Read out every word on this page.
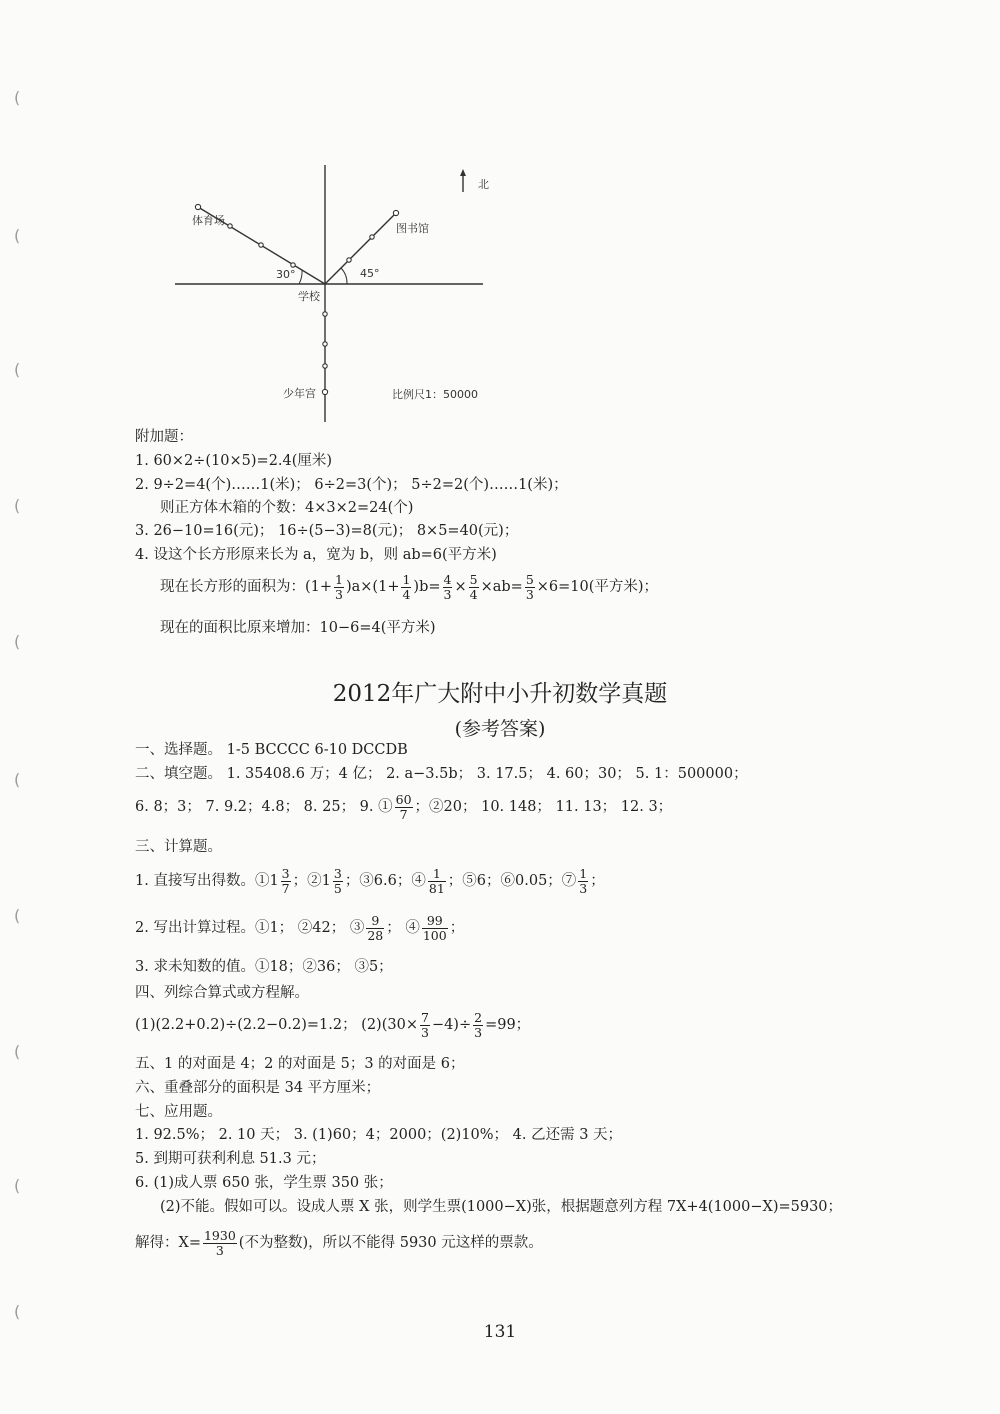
(
(
(
(
(
(
(
(
(
(
北
体育场
图书馆
学校
30°	45°
少年宫	比例尺1：50000
附加题：
1. 60×2÷(10×5)=2.4(厘米)
2. 9÷2=4(个)……1(米)； 6÷2=3(个)； 5÷2=2(个)……1(米)；
则正方体木箱的个数：4×3×2=24(个)
3. 26−10=16(元)； 16÷(5−3)=8(元)； 8×5=40(元)；
4. 设这个长方形原来长为 a，宽为 b，则 ab=6(平方米)
现在长方形的面积为：$(1+ \frac{1}{3} )a\times(1+ \frac{1}{4} )b= \frac{4}{3} \times \frac{5}{4} \times ab= \frac{5}{3} \times 6=10$(平方米)；
现在的面积比原来增加：10−6=4(平方米)
2012年广大附中小升初数学真题
(参考答案)
一、选择题。 1-5 BCCCC 6-10 DCCDB
二、填空题。 1. 35408.6 万；4 亿； 2. a−3.5b； 3. 17.5； 4. 60；30； 5. 1：500000；
6. 8；3； 7. 9.2；4.8； 8. 25； 9. ① $\frac{60}{7}$ ；②20； 10. 148； 11. 13； 12. 3；
三、计算题。
1. 直接写出得数。①1 $\frac{3}{7}$ ；②1 $\frac{3}{5}$ ；③6.6；④ $\frac{1}{81}$ ；⑤6；⑥0.05；⑦ $\frac{1}{3}$ ；
2. 写出计算过程。①1； ②42； ③ $\frac{9}{28}$ ； ④ $\frac{99}{100}$ ；
3. 求未知数的值。①18；②36； ③5；
四、列综合算式或方程解。
(1)(2.2+0.2)÷(2.2−0.2)=1.2； $(2)(30\times \frac{7}{3} -4)\div \frac{2}{3} =99$；
五、1 的对面是 4；2 的对面是 5；3 的对面是 6；
六、重叠部分的面积是 34 平方厘米；
七、应用题。
1. 92.5%； 2. 10 天； 3. (1)60；4；2000；(2)10%； 4. 乙还需 3 天；
5. 到期可获利利息 51.3 元；
6. (1)成人票 650 张，学生票 350 张；
(2)不能。假如可以。设成人票 X 张，则学生票(1000−X)张，根据题意列方程 7X+4(1000−X)=5930；
解得：$X= \frac{1930}{3}$ (不为整数)，所以不能得 5930 元这样的票款。
131
